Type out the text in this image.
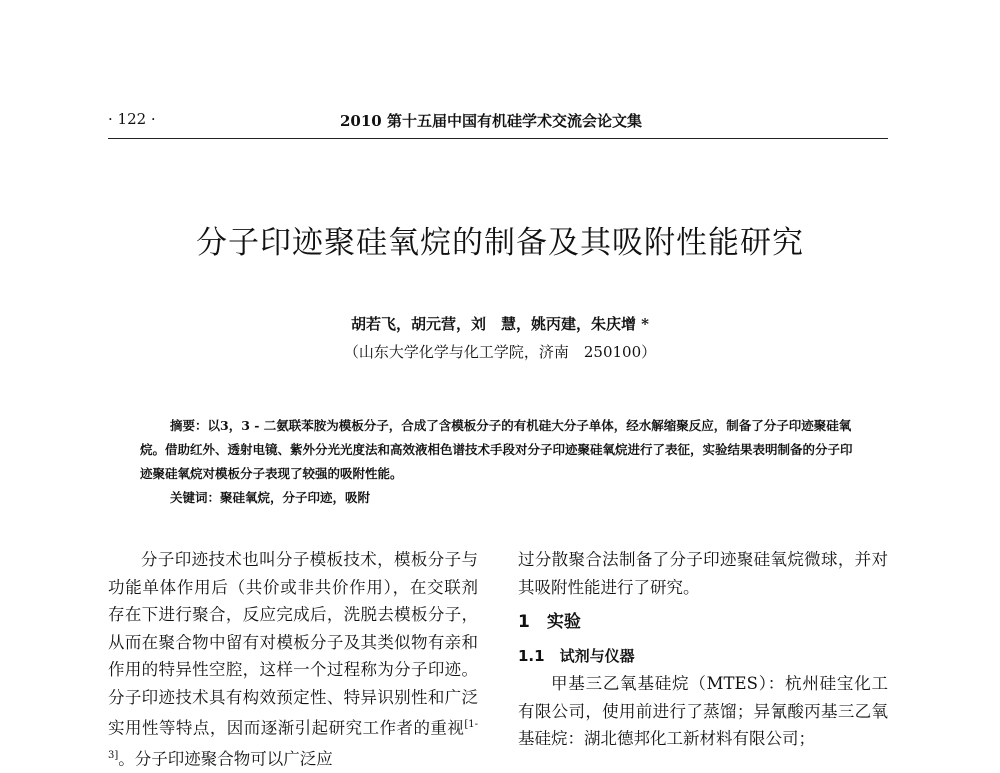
· 122 ·	2010 第十五届中国有机硅学术交流会论文集
分子印迹聚硅氧烷的制备及其吸附性能研究
胡若飞，胡元营，刘　慧，姚丙建，朱庆增 *
（山东大学化学与化工学院，济南　250100）

摘要：以3，3 - 二氨联苯胺为模板分子，合成了含模板分子的有机硅大分子单体，经水解缩聚反应，制备了分子印迹聚硅氧烷。借助红外、透射电镜、紫外分光光度法和高效液相色谱技术手段对分子印迹聚硅氧烷进行了表征，实验结果表明制备的分子印迹聚硅氧烷对模板分子表现了较强的吸附性能。

关键词：聚硅氧烷，分子印迹，吸附

分子印迹技术也叫分子模板技术，模板分子与功能单体作用后（共价或非共价作用），在交联剂存在下进行聚合，反应完成后，洗脱去模板分子，从而在聚合物中留有对模板分子及其类似物有亲和作用的特异性空腔，这样一个过程称为分子印迹。分子印迹技术具有构效预定性、特异识别性和广泛实用性等特点，因而逐渐引起研究工作者的重视[1-3]。分子印迹聚合物可以广泛应

过分散聚合法制备了分子印迹聚硅氧烷微球，并对其吸附性能进行了研究。

1　实验
1.1　试剂与仪器

甲基三乙氧基硅烷（MTES）：杭州硅宝化工有限公司，使用前进行了蒸馏；异氰酸丙基三乙氧基硅烷：湖北德邦化工新材料有限公司；
